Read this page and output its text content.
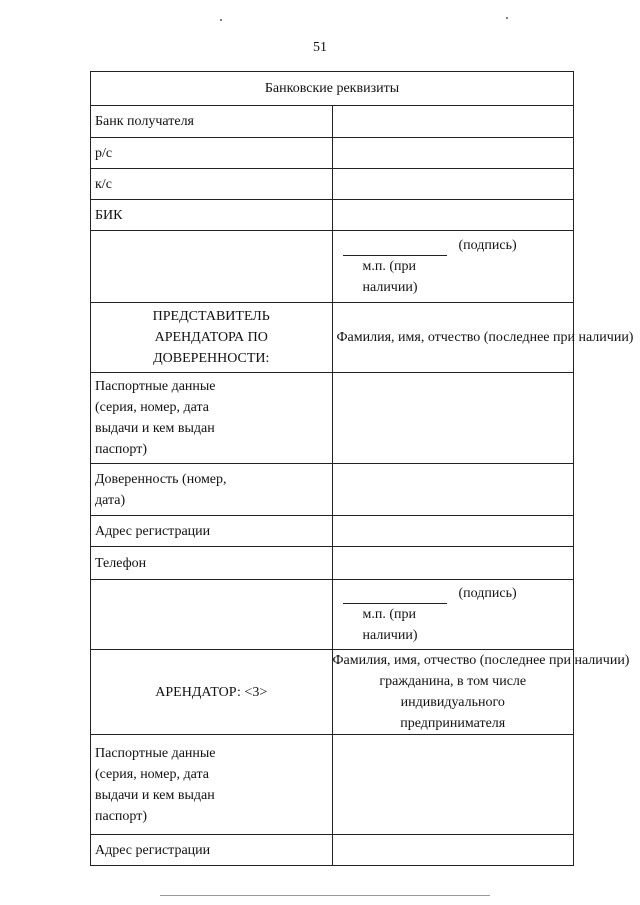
51
Банковские реквизиты	
Банк получателя	
р/с	
к/с	
БИК	

	(подпись)
м.п. (при
наличии)

ПРЕДСТАВИТЕЛЬ
АРЕНДАТОРА ПО
ДОВЕРЕННОСТИ:	Фамилия, имя, отчество (последнее при наличии)

Паспортные данные
(серия, номер, дата
выдачи и кем выдан
паспорт)	

Доверенность (номер,
дата)	

Адрес регистрации	
Телефон	

	(подпись)
м.п. (при
наличии)

АРЕНДАТОР: <3>	Фамилия, имя, отчество (последнее при наличии)
гражданина, в том числе индивидуального
предпринимателя

Паспортные данные
(серия, номер, дата
выдачи и кем выдан
паспорт)	

Адрес регистрации	
